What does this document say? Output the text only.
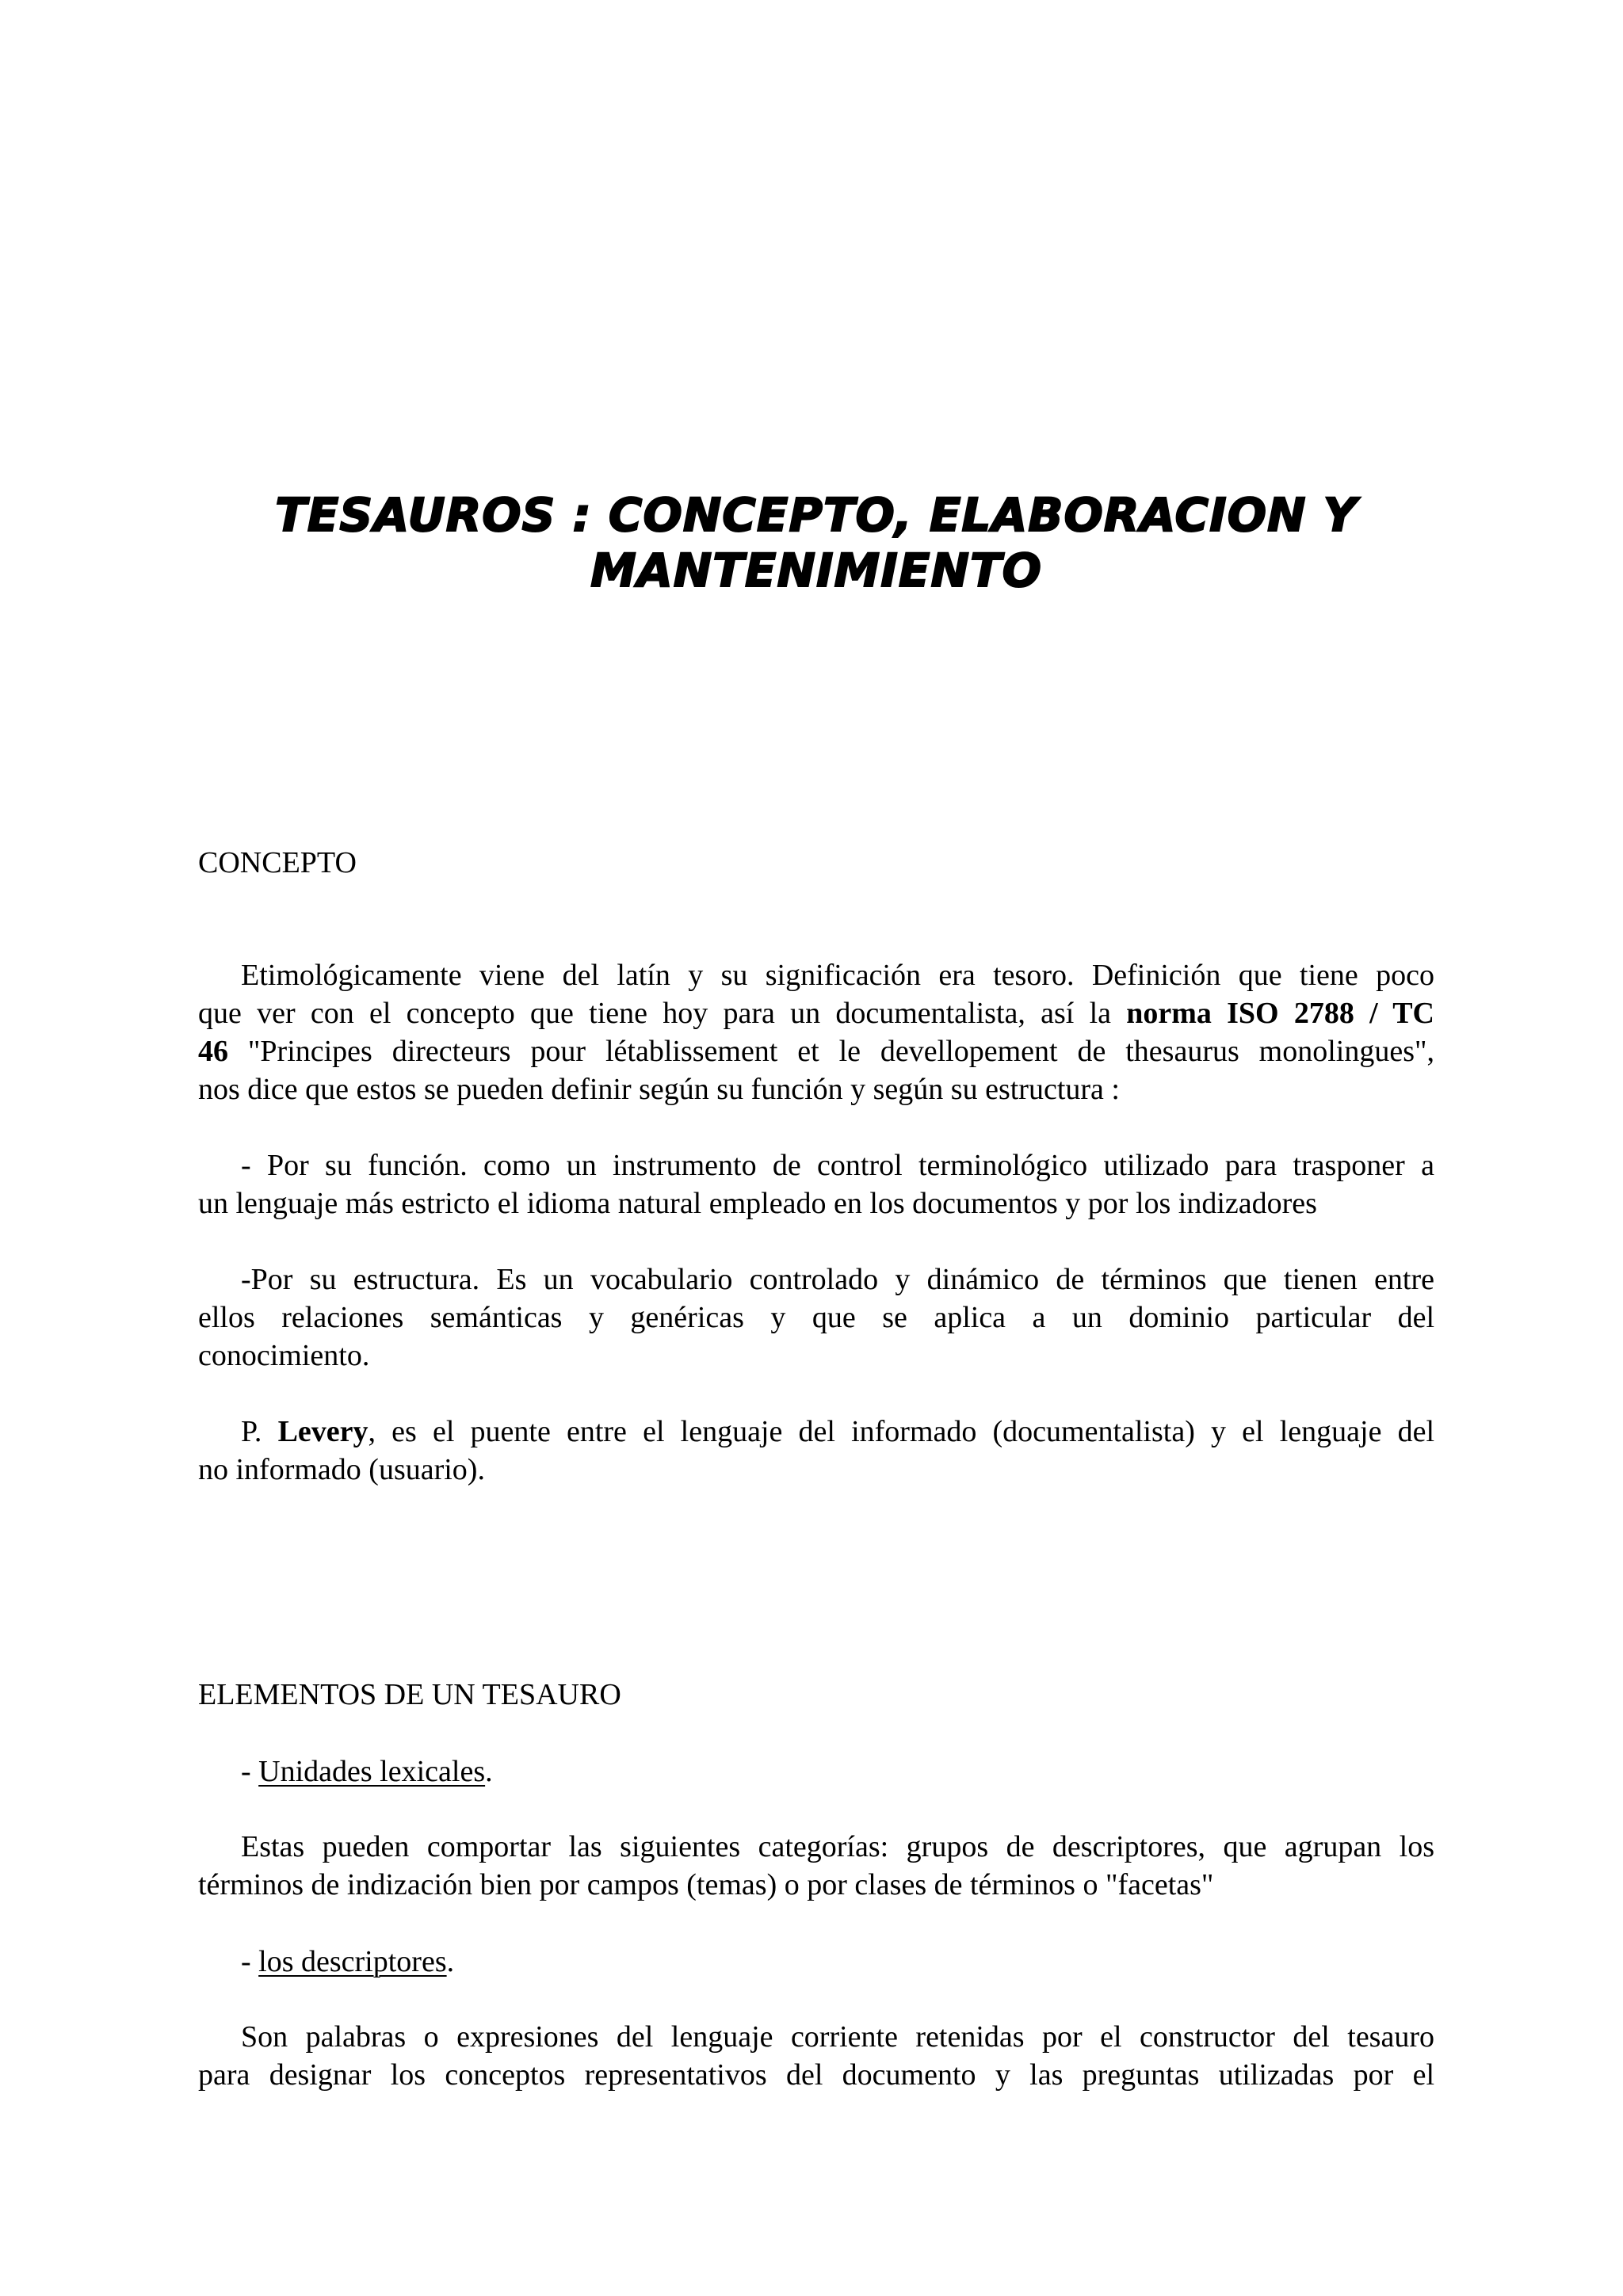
TESAUROS : CONCEPTO, ELABORACION Y
MANTENIMIENTO
CONCEPTO
Etimológicamente viene del latín y su significación era tesoro. Definición que tiene poco
que ver con el concepto que tiene hoy para un documentalista, así la norma ISO 2788 / TC
46 "Principes directeurs pour létablissement et le devellopement de thesaurus monolingues",
nos dice que estos se pueden definir según su función y según su estructura :
- Por su función. como un instrumento de control terminológico utilizado para trasponer a
un lenguaje más estricto el idioma natural empleado en los documentos y por los indizadores
-Por su estructura. Es un vocabulario controlado y dinámico de términos que tienen entre
ellos relaciones semánticas y genéricas y que se aplica a un dominio particular del
conocimiento.
P. Levery, es el puente entre el lenguaje del informado (documentalista) y el lenguaje del
no informado (usuario).
ELEMENTOS DE UN TESAURO
- Unidades lexicales.
Estas pueden comportar las siguientes categorías: grupos de descriptores, que agrupan los
términos de indización bien por campos (temas) o por clases de términos o "facetas"
- los descriptores.
Son palabras o expresiones del lenguaje corriente retenidas por el constructor del tesauro
para designar los conceptos representativos del documento y las preguntas utilizadas por el
